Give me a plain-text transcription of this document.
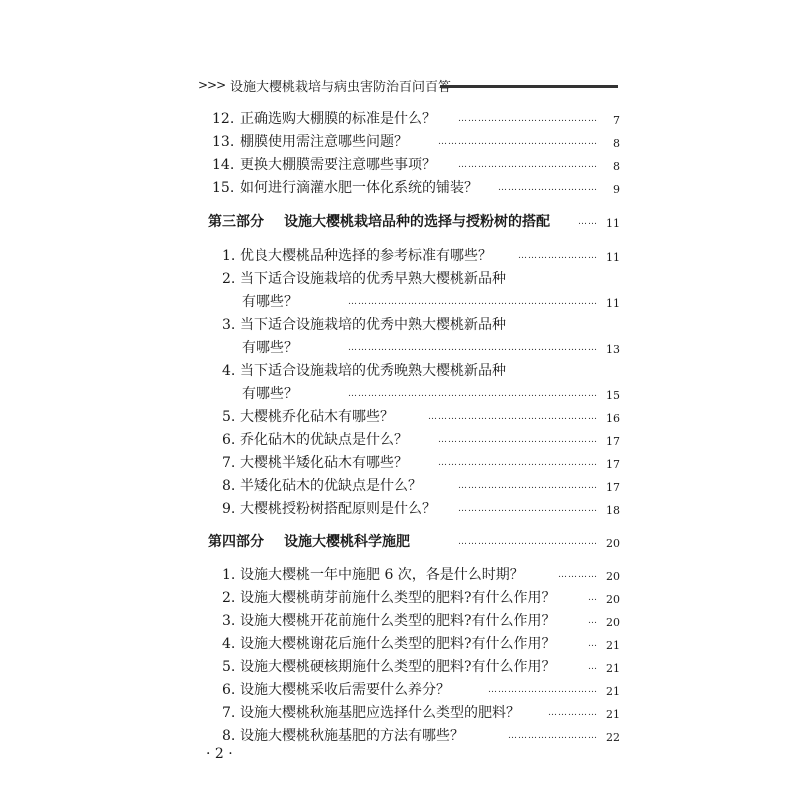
>>> 设施大樱桃栽培与病虫害防治百问百答
12. 正确选购大棚膜的标准是什么？	……………………………………	7
13. 棚膜使用需注意哪些问题？	…………………………………………	8
14. 更换大棚膜需要注意哪些事项？	……………………………………	8
15. 如何进行滴灌水肥一体化系统的铺装？	…………………………	9
第三部分 设施大樱桃栽培品种的选择与授粉树的搭配	…… 11
1. 优良大樱桃品种选择的参考标准有哪些？	…………………… 11
2. 当下适合设施栽培的优秀早熟大樱桃新品种
有哪些？	………………………………………………………………… 11
3. 当下适合设施栽培的优秀中熟大樱桃新品种
有哪些？	………………………………………………………………… 13
4. 当下适合设施栽培的优秀晚熟大樱桃新品种
有哪些？	………………………………………………………………… 15
5. 大樱桃乔化砧木有哪些？	…………………………………………… 16
6. 乔化砧木的优缺点是什么？	………………………………………… 17
7. 大樱桃半矮化砧木有哪些？	………………………………………… 17
8. 半矮化砧木的优缺点是什么？	…………………………………… 17
9. 大樱桃授粉树搭配原则是什么？	…………………………………… 18
第四部分 设施大樱桃科学施肥	…………………………………… 20
1. 设施大樱桃一年中施肥 6 次，各是什么时期？	………… 20
2. 设施大樱桃萌芽前施什么类型的肥料?有什么作用？	… 20
3. 设施大樱桃开花前施什么类型的肥料?有什么作用？	… 20
4. 设施大樱桃谢花后施什么类型的肥料?有什么作用？	… 21
5. 设施大樱桃硬核期施什么类型的肥料?有什么作用？	… 21
6. 设施大樱桃采收后需要什么养分？	…………………………… 21
7. 设施大樱桃秋施基肥应选择什么类型的肥料？	…………… 21
8. 设施大樱桃秋施基肥的方法有哪些？	……………………… 22
· 2 ·
